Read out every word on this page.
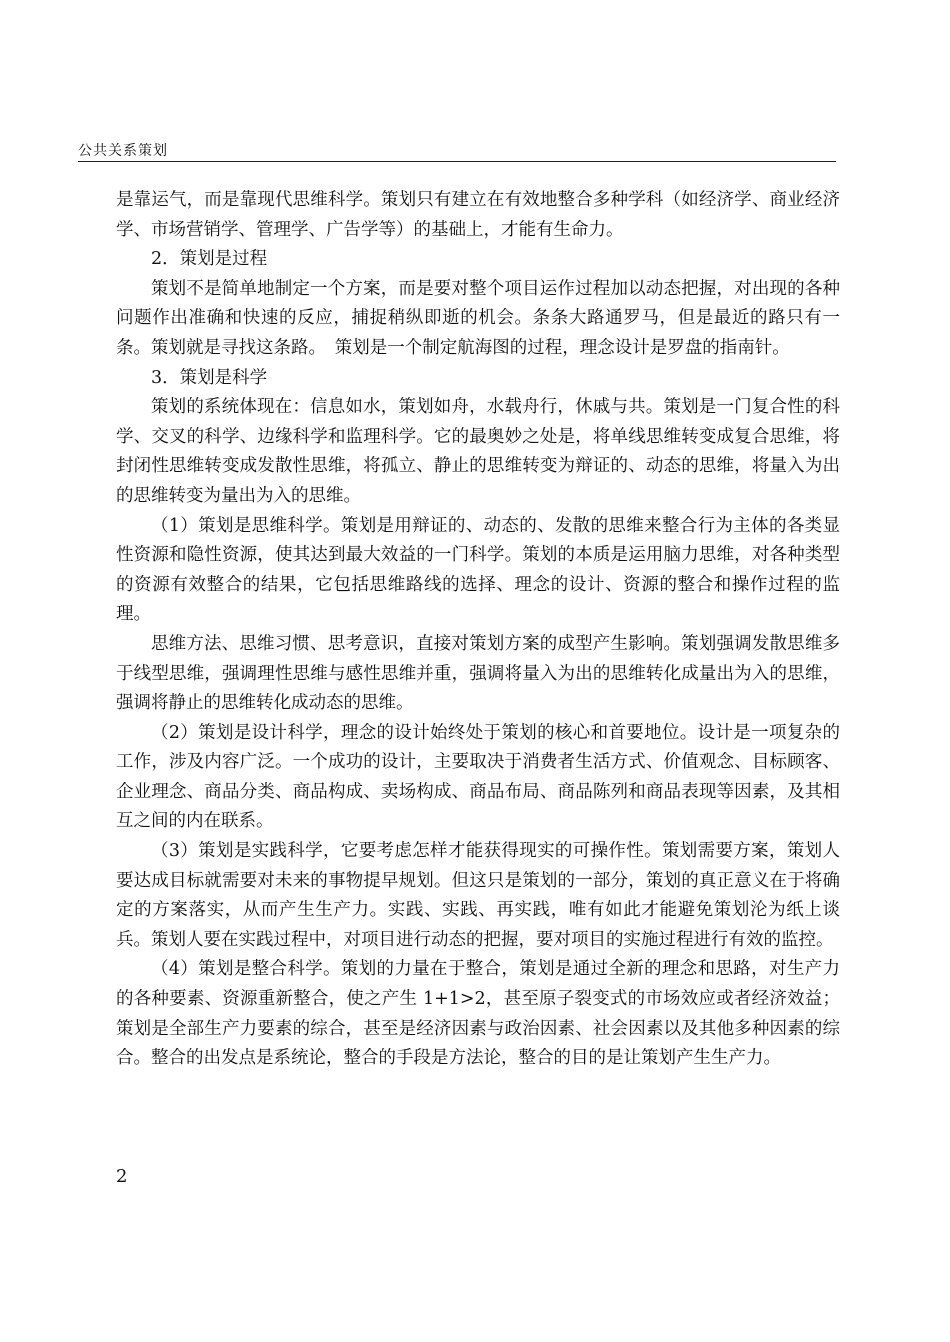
公共关系策划

是靠运气，而是靠现代思维科学。策划只有建立在有效地整合多种学科（如经济学、商业经济学、市场营销学、管理学、广告学等）的基础上，才能有生命力。

2．策划是过程

策划不是简单地制定一个方案，而是要对整个项目运作过程加以动态把握，对出现的各种问题作出准确和快速的反应，捕捉稍纵即逝的机会。条条大路通罗马，但是最近的路只有一条。策划就是寻找这条路。　策划是一个制定航海图的过程，理念设计是罗盘的指南针。

3．策划是科学

策划的系统体现在：信息如水，策划如舟，水载舟行，休戚与共。策划是一门复合性的科学、交叉的科学、边缘科学和监理科学。它的最奥妙之处是，将单线思维转变成复合思维，将封闭性思维转变成发散性思维，将孤立、静止的思维转变为辩证的、动态的思维，将量入为出的思维转变为量出为入的思维。

（1）策划是思维科学。策划是用辩证的、动态的、发散的思维来整合行为主体的各类显性资源和隐性资源，使其达到最大效益的一门科学。策划的本质是运用脑力思维，对各种类型的资源有效整合的结果，它包括思维路线的选择、理念的设计、资源的整合和操作过程的监理。

思维方法、思维习惯、思考意识，直接对策划方案的成型产生影响。策划强调发散思维多于线型思维，强调理性思维与感性思维并重，强调将量入为出的思维转化成量出为入的思维，强调将静止的思维转化成动态的思维。

（2）策划是设计科学，理念的设计始终处于策划的核心和首要地位。设计是一项复杂的工作，涉及内容广泛。一个成功的设计，主要取决于消费者生活方式、价值观念、目标顾客、企业理念、商品分类、商品构成、卖场构成、商品布局、商品陈列和商品表现等因素，及其相互之间的内在联系。

（3）策划是实践科学，它要考虑怎样才能获得现实的可操作性。策划需要方案，策划人要达成目标就需要对未来的事物提早规划。但这只是策划的一部分，策划的真正意义在于将确定的方案落实，从而产生生产力。实践、实践、再实践，唯有如此才能避免策划沦为纸上谈兵。策划人要在实践过程中，对项目进行动态的把握，要对项目的实施过程进行有效的监控。

（4）策划是整合科学。策划的力量在于整合，策划是通过全新的理念和思路，对生产力的各种要素、资源重新整合，使之产生 1+1>2，甚至原子裂变式的市场效应或者经济效益；策划是全部生产力要素的综合，甚至是经济因素与政治因素、社会因素以及其他多种因素的综合。整合的出发点是系统论，整合的手段是方法论，整合的目的是让策划产生生产力。

2
